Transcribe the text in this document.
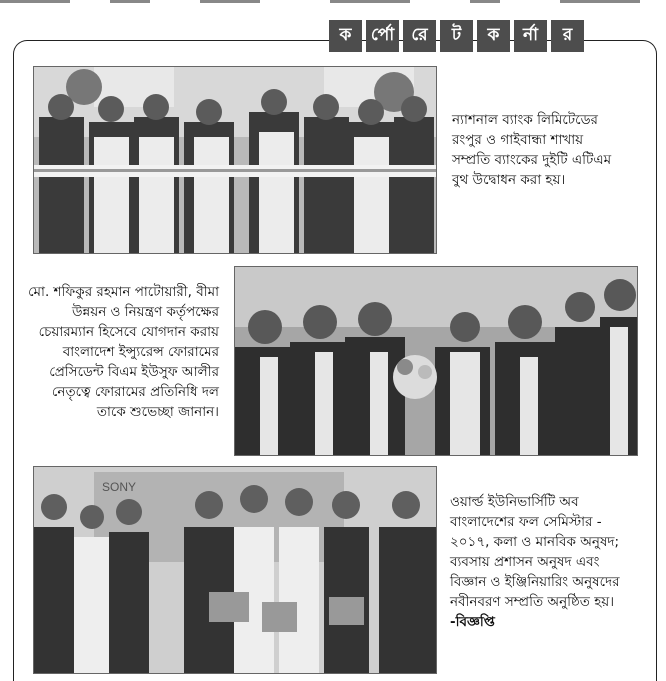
ক	র্পো	রে	ট	ক	র্না	র
ন্যাশনাল ব্যাংক লিমিটেডের রংপুর ও গাইবান্ধা শাখায় সম্প্রতি ব্যাংকের দুইটি এটিএম বুথ উদ্বোধন করা হয়।
মো. শফিকুর রহমান পাটোয়ারী, বীমা উন্নয়ন ও নিয়ন্ত্রণ কর্তৃপক্ষের চেয়ারম্যান হিসেবে যোগদান করায় বাংলাদেশ ইন্স্যুরেন্স ফোরামের প্রেসিডেন্ট বিএম ইউসুফ আলীর নেতৃত্বে ফোরামের প্রতিনিধি দল তাকে শুভেচ্ছা জানান।
SONY
ওয়ার্ল্ড ইউনিভার্সিটি অব বাংলাদেশের ফল সেমিস্টার - ২০১৭, কলা ও মানবিক অনুষদ; ব্যবসায় প্রশাসন অনুষদ এবং বিজ্ঞান ও ইঞ্জিনিয়ারিং অনুষদের নবীনবরণ সম্প্রতি অনুষ্ঠিত হয়। -বিজ্ঞপ্তি
